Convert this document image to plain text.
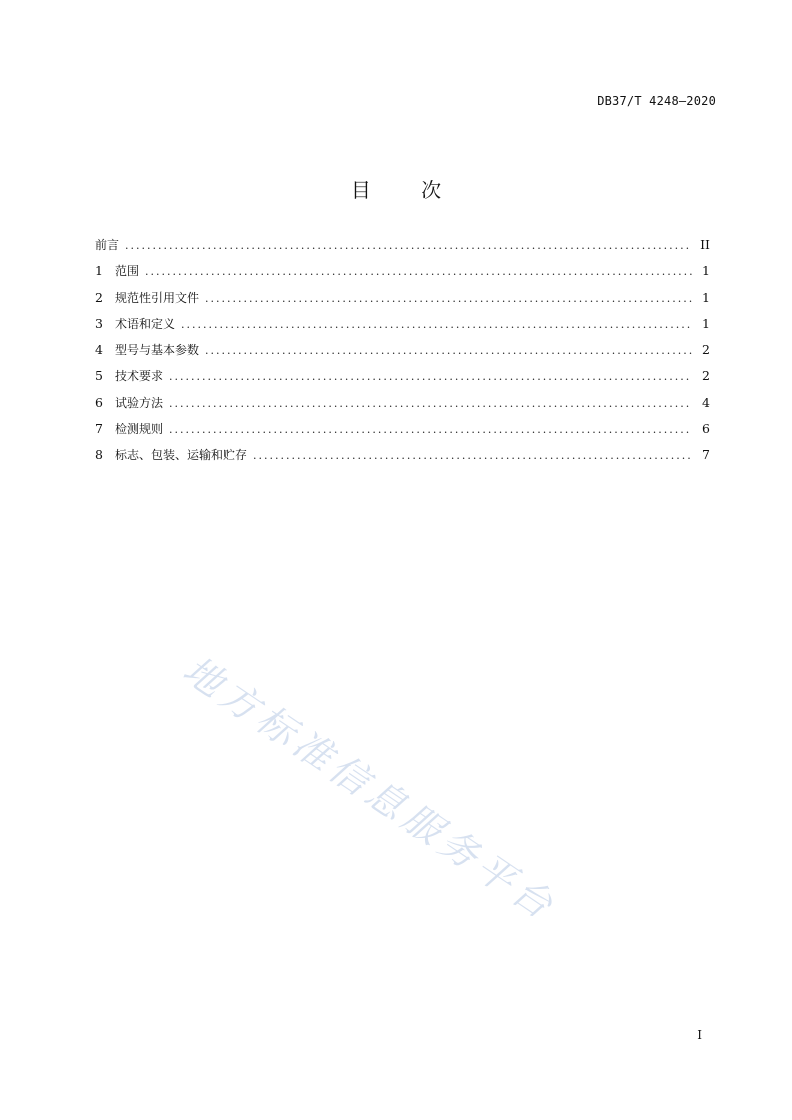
DB37/T 4248—2020
目	次
前言 .....	II
1	范围 .....	1
2	规范性引用文件 .....	1
3	术语和定义 .....	1
4	型号与基本参数 .....	2
5	技术要求 .....	2
6	试验方法 .....	4
7	检测规则 .....	6
8	标志、包装、运输和贮存 .....	7
地方标准信息服务平台
I
